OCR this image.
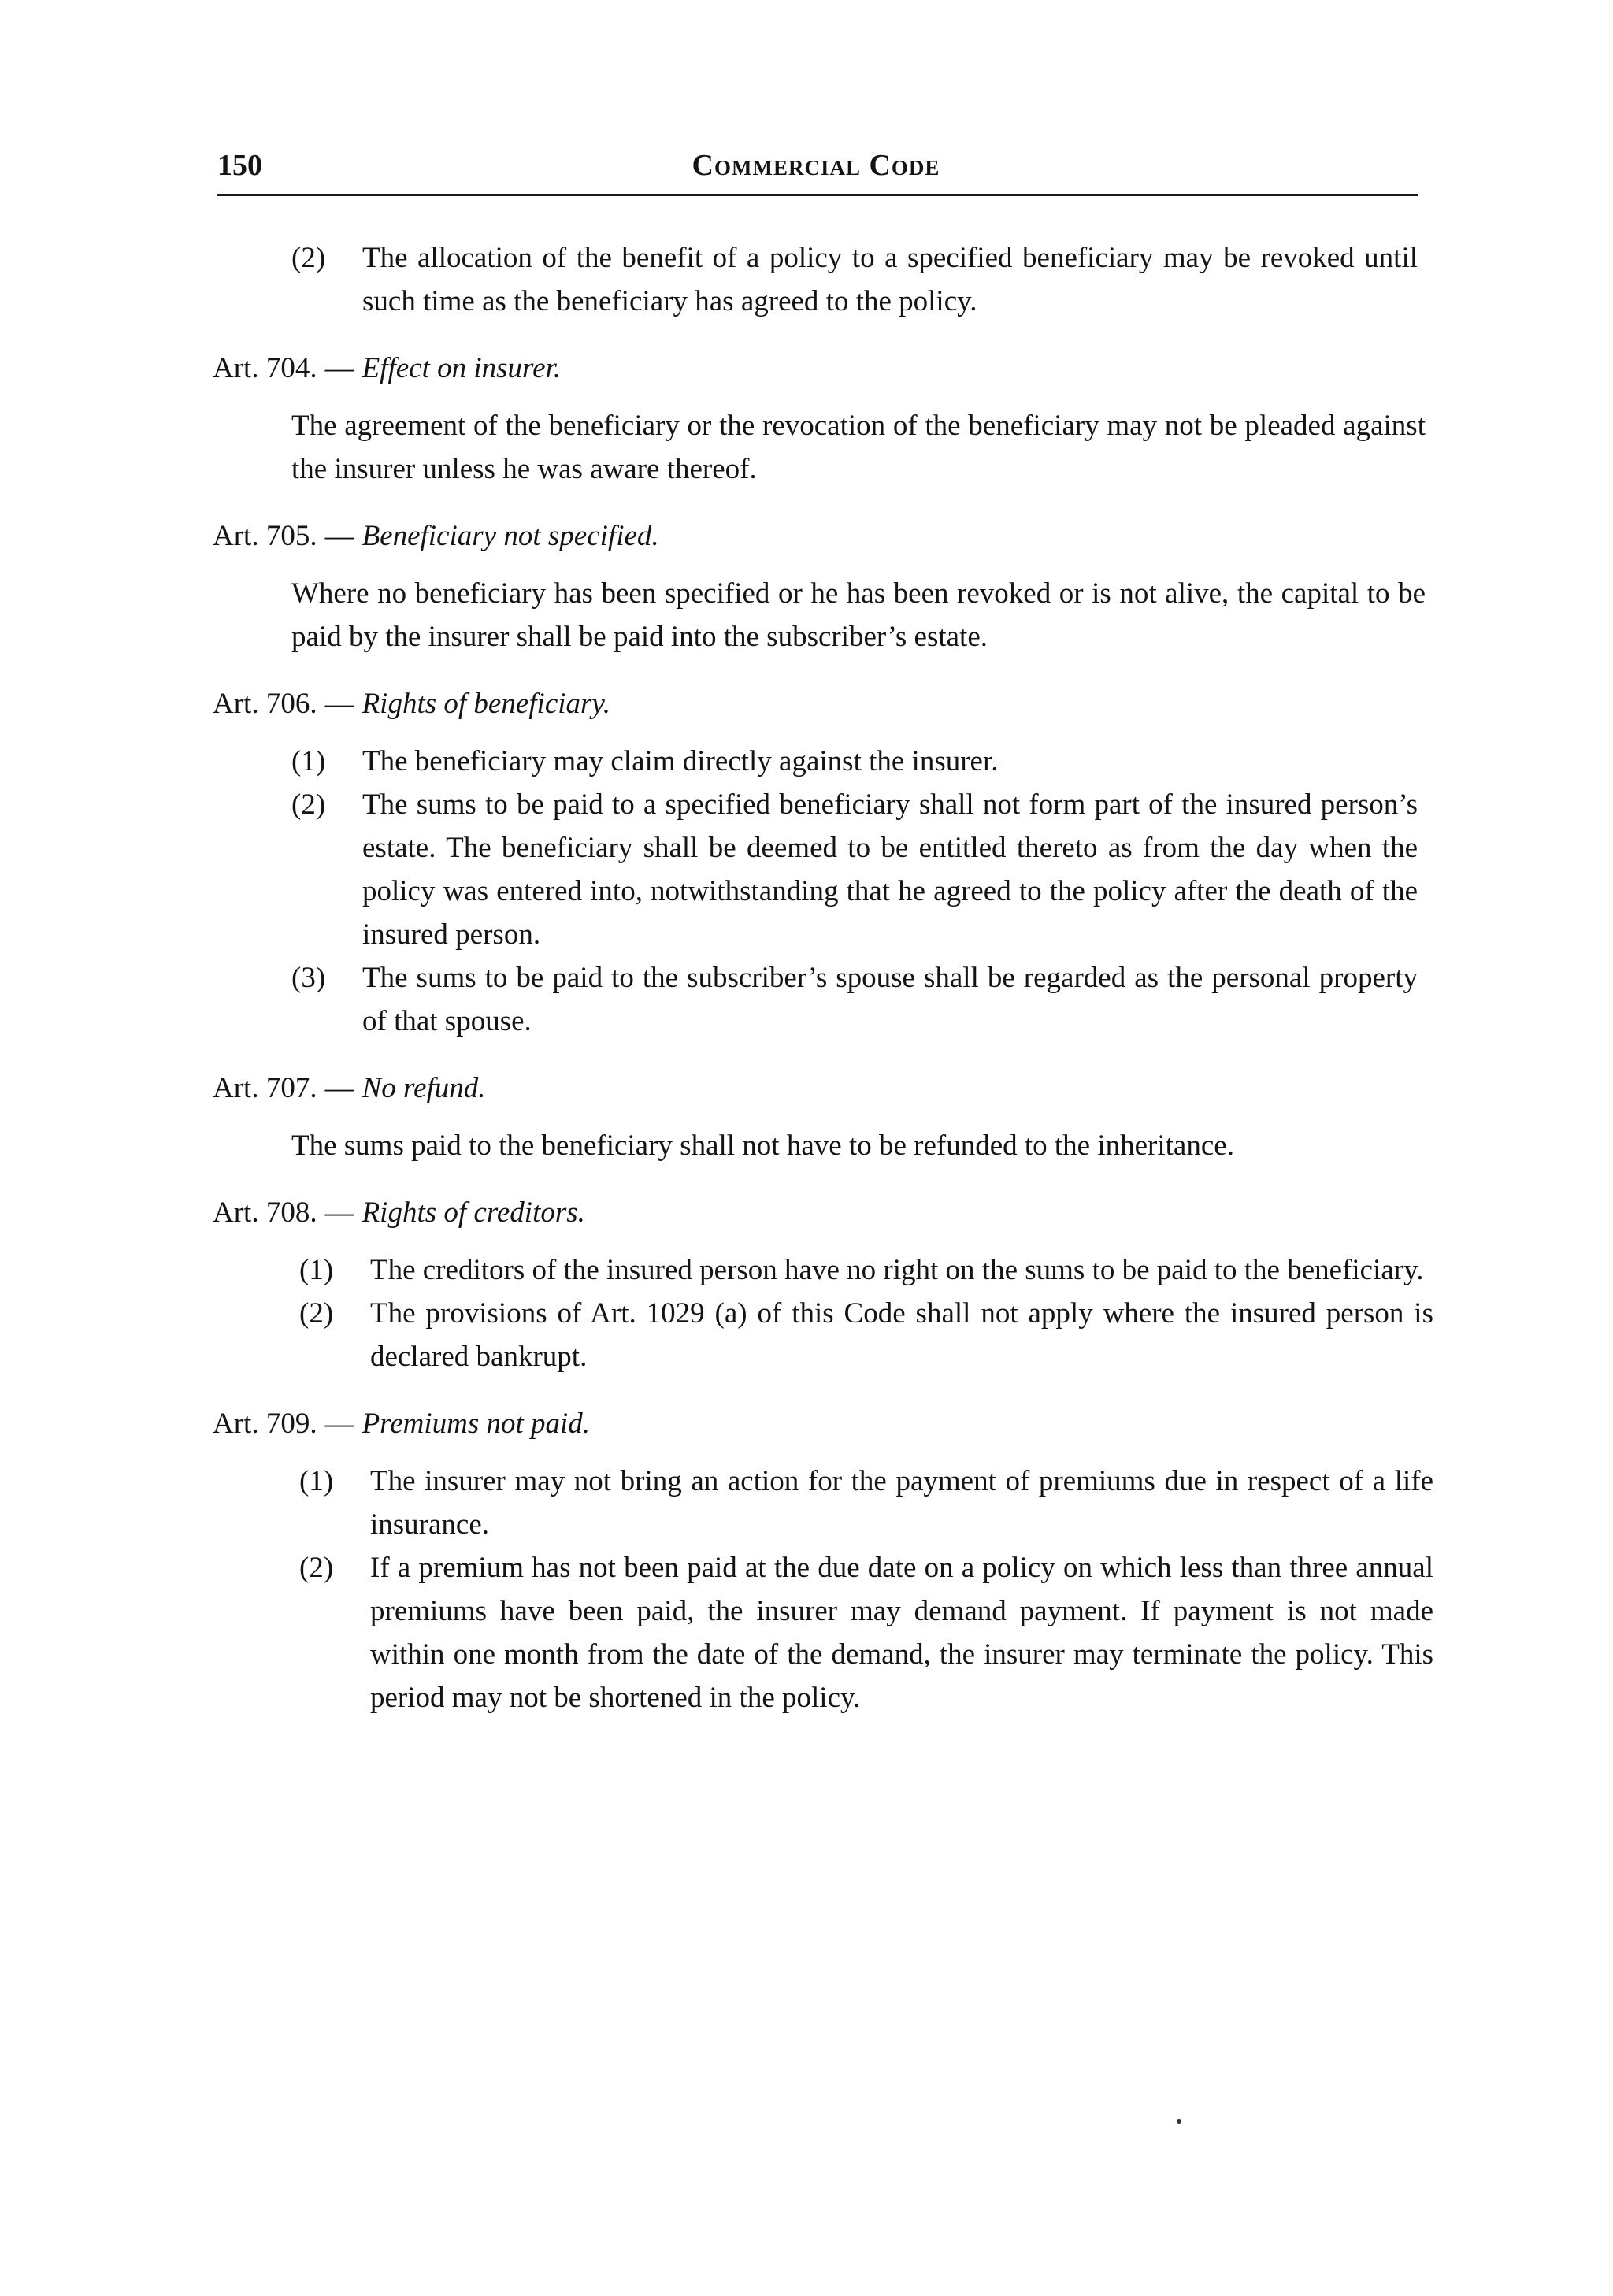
150	Commercial Code

(2) The allocation of the benefit of a policy to a specified beneficiary may be revoked until such time as the beneficiary has agreed to the policy.

Art. 704. — Effect on insurer.

The agreement of the beneficiary or the revocation of the beneficiary may not be pleaded against the insurer unless he was aware thereof.

Art. 705. — Beneficiary not specified.

Where no beneficiary has been specified or he has been revoked or is not alive, the capital to be paid by the insurer shall be paid into the subscriber’s estate.

Art. 706. — Rights of beneficiary.

(1) The beneficiary may claim directly against the insurer.

(2) The sums to be paid to a specified beneficiary shall not form part of the insured person’s estate. The beneficiary shall be deemed to be entitled thereto as from the day when the policy was entered into, notwithstanding that he agreed to the policy after the death of the insured person.

(3) The sums to be paid to the subscriber’s spouse shall be regarded as the personal property of that spouse.

Art. 707. — No refund.

The sums paid to the beneficiary shall not have to be refunded to the inheritance.

Art. 708. — Rights of creditors.

(1) The creditors of the insured person have no right on the sums to be paid to the beneficiary.

(2) The provisions of Art. 1029 (a) of this Code shall not apply where the insured person is declared bankrupt.

Art. 709. — Premiums not paid.

(1) The insurer may not bring an action for the payment of premiums due in respect of a life insurance.

(2) If a premium has not been paid at the due date on a policy on which less than three annual premiums have been paid, the insurer may demand payment. If payment is not made within one month from the date of the demand, the insurer may terminate the policy. This period may not be shortened in the policy.
